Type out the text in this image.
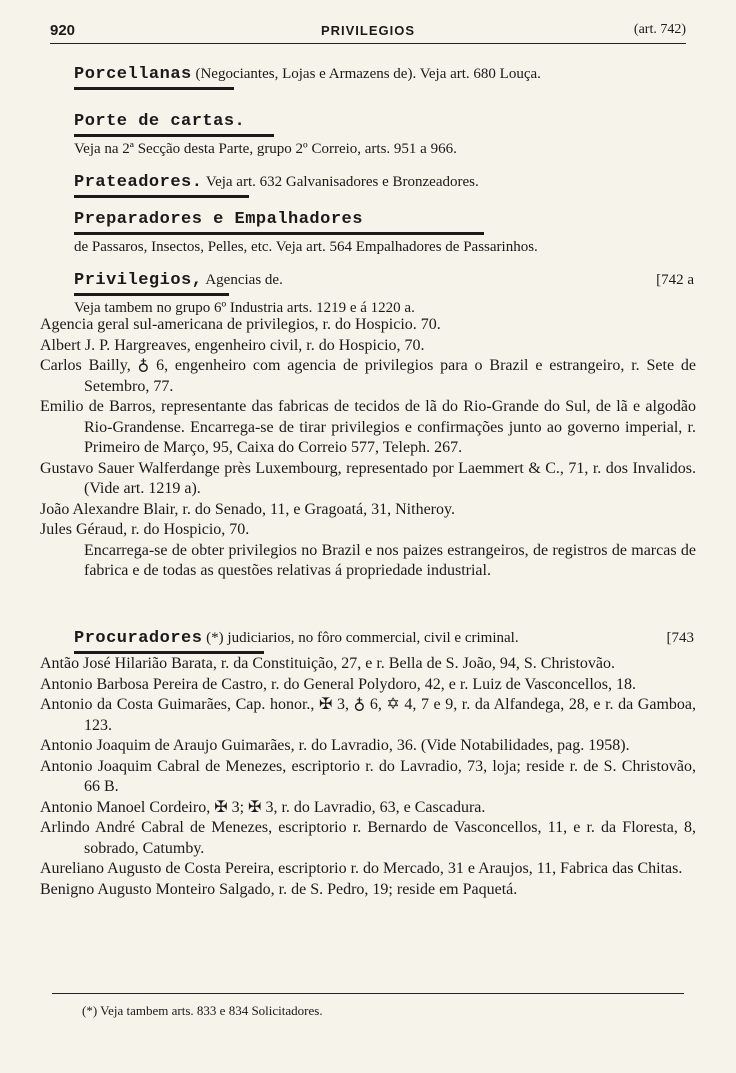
920	PRIVILEGIOS	(art. 742)
Porcellanas (Negociantes, Lojas e Armazens de). Veja art. 680 Louça.
Porte de cartas.
Veja na 2ª Secção desta Parte, grupo 2º Correio, arts. 951 a 966.
Prateadores. Veja art. 632 Galvanisadores e Bronzeadores.
Preparadores e Empalhadores
de Passaros, Insectos, Pelles, etc. Veja art. 564 Empalhadores de Passarinhos.
Privilegios, Agencias de.	[742 a
Veja tambem no grupo 6º Industria arts. 1219 e á 1220 a.
Agencia geral sul-americana de privilegios, r. do Hospicio. 70.
Albert J. P. Hargreaves, engenheiro civil, r. do Hospicio, 70.
Carlos Bailly, ♁ 6, engenheiro com agencia de privilegios para o Brazil e estrangeiro, r. Sete de Setembro, 77.
Emilio de Barros, representante das fabricas de tecidos de lã do Rio-Grande do Sul, de lã e algodão Rio-Grandense. Encarrega-se de tirar privilegios e confirmações junto ao governo imperial, r. Primeiro de Março, 95, Caixa do Correio 577, Teleph. 267.
Gustavo Sauer Walferdange près Luxembourg, representado por Laemmert & C., 71, r. dos Invalidos. (Vide art. 1219 a).
João Alexandre Blair, r. do Senado, 11, e Gragoatá, 31, Nitheroy.
Jules Géraud, r. do Hospicio, 70.
Encarrega-se de obter privilegios no Brazil e nos paizes estrangeiros, de registros de marcas de fabrica e de todas as questões relativas á propriedade industrial.
Procuradores (*) judiciarios, no fôro commercial, civil e criminal.	[743
Antão José Hilarião Barata, r. da Constituição, 27, e r. Bella de S. João, 94, S. Christovão.
Antonio Barbosa Pereira de Castro, r. do General Polydoro, 42, e r. Luiz de Vasconcellos, 18.
Antonio da Costa Guimarães, Cap. honor., ✠ 3, ♁ 6, ✡ 4, 7 e 9, r. da Alfandega, 28, e r. da Gamboa, 123.
Antonio Joaquim de Araujo Guimarães, r. do Lavradio, 36. (Vide Notabilidades, pag. 1958).
Antonio Joaquim Cabral de Menezes, escriptorio r. do Lavradio, 73, loja; reside r. de S. Christovão, 66 B.
Antonio Manoel Cordeiro, ✠ 3; ✠ 3, r. do Lavradio, 63, e Cascadura.
Arlindo André Cabral de Menezes, escriptorio r. Bernardo de Vasconcellos, 11, e r. da Floresta, 8, sobrado, Catumby.
Aureliano Augusto de Costa Pereira, escriptorio r. do Mercado, 31 e Araujos, 11, Fabrica das Chitas.
Benigno Augusto Monteiro Salgado, r. de S. Pedro, 19; reside em Paquetá.
(*) Veja tambem arts. 833 e 834 Solicitadores.
